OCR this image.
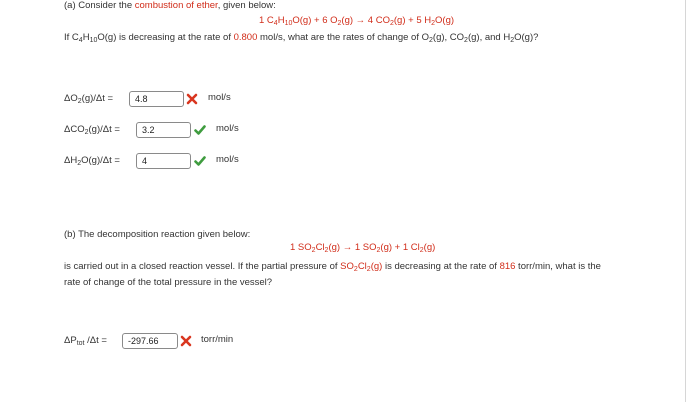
(a) Consider the combustion of ether, given below:
1 $C_4H_{10}O(g) + 6$ $O_2(g) \to 4$ $CO_2(g) + 5$ $H_2O(g)$
If $C_4H_{10}O(g)$ is decreasing at the rate of 0.800 mol/s, what are the rates of change of $O_2(g)$, $CO_2(g)$, and $H_2O(g)$?
$\Delta O_2(g)/\Delta t$ =	4.8	mol/s
$\Delta CO_2(g)/\Delta t$ =	3.2	mol/s
$\Delta H_2O(g)/\Delta t$ =	4	mol/s
(b) The decomposition reaction given below:
1 $SO_2Cl_2(g) \to 1$ $SO_2(g) + 1$ $Cl_2(g)$
is carried out in a closed reaction vessel. If the partial pressure of $SO_2Cl_2(g)$ is decreasing at the rate of 816 torr/min, what is the
rate of change of the total pressure in the vessel?
$\Delta P_{tot}$ /Δt =	-297.66	torr/min
